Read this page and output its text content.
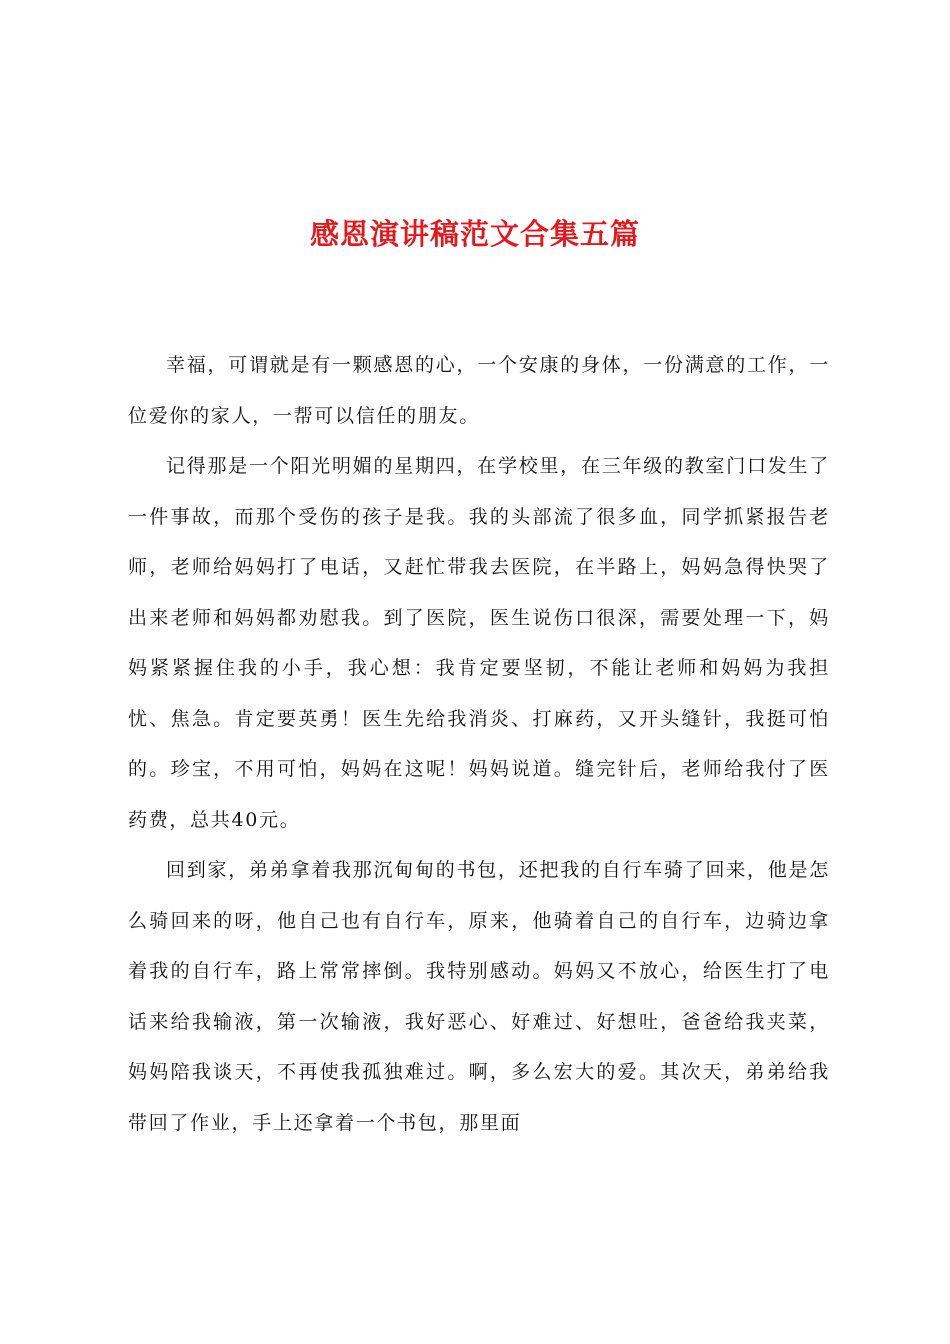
感恩演讲稿范文合集五篇

幸福，可谓就是有一颗感恩的心，一个安康的身体，一份满意的工作，一位爱你的家人，一帮可以信任的朋友。

记得那是一个阳光明媚的星期四，在学校里，在三年级的教室门口发生了一件事故，而那个受伤的孩子是我。我的头部流了很多血，同学抓紧报告老师，老师给妈妈打了电话，又赶忙带我去医院，在半路上，妈妈急得快哭了出来老师和妈妈都劝慰我。到了医院，医生说伤口很深，需要处理一下，妈妈紧紧握住我的小手，我心想：我肯定要坚韧，不能让老师和妈妈为我担忧、焦急。肯定要英勇！医生先给我消炎、打麻药，又开头缝针，我挺可怕的。珍宝，不用可怕，妈妈在这呢！妈妈说道。缝完针后，老师给我付了医药费，总共40元。

回到家，弟弟拿着我那沉甸甸的书包，还把我的自行车骑了回来，他是怎么骑回来的呀，他自己也有自行车，原来，他骑着自己的自行车，边骑边拿着我的自行车，路上常常摔倒。我特别感动。妈妈又不放心，给医生打了电话来给我输液，第一次输液，我好恶心、好难过、好想吐，爸爸给我夹菜，妈妈陪我谈天，不再使我孤独难过。啊，多么宏大的爱。其次天，弟弟给我带回了作业，手上还拿着一个书包，那里面
